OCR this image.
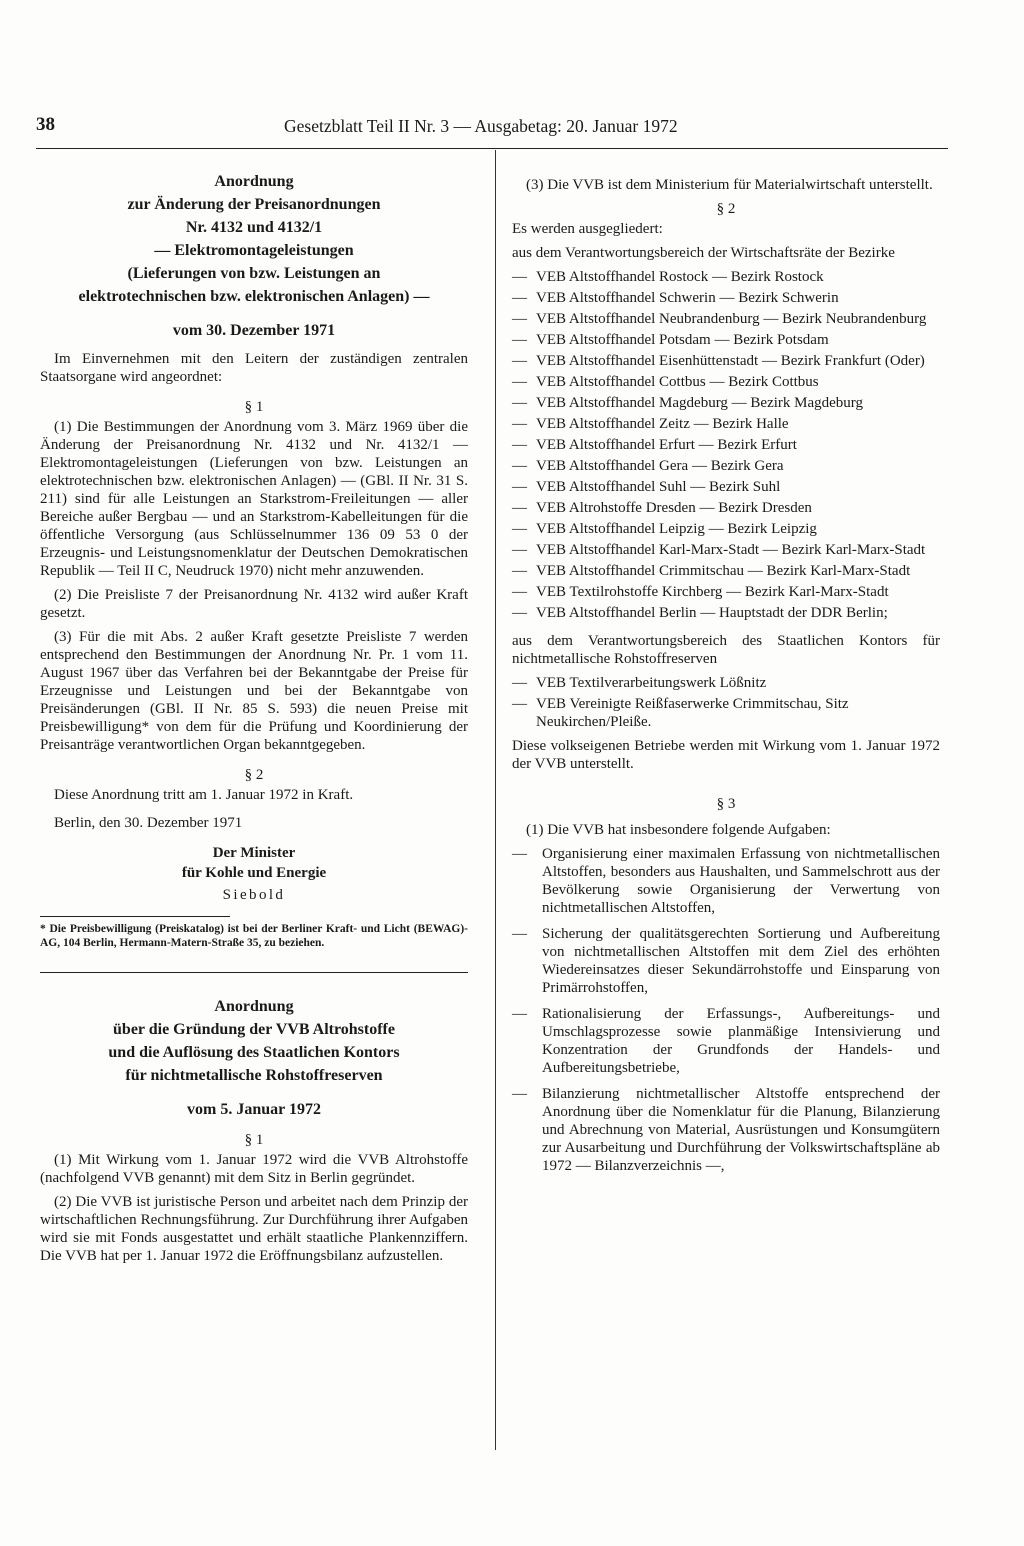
38	Gesetzblatt Teil II Nr. 3 — Ausgabetag: 20. Januar 1972

Anordnung

zur Änderung der Preisanordnungen

Nr. 4132 und 4132/1

— Elektromontageleistungen

(Lieferungen von bzw. Leistungen an

elektrotechnischen bzw. elektronischen Anlagen) —

vom 30. Dezember 1971

Im Einvernehmen mit den Leitern der zuständigen zentralen Staatsorgane wird angeordnet:

§ 1

(1) Die Bestimmungen der Anordnung vom 3. März 1969 über die Änderung der Preisanordnung Nr. 4132 und Nr. 4132/1 — Elektromontageleistungen (Lieferungen von bzw. Leistungen an elektrotechnischen bzw. elektronischen Anlagen) — (GBl. II Nr. 31 S. 211) sind für alle Leistungen an Starkstrom-Freileitungen — aller Bereiche außer Bergbau — und an Starkstrom-Kabelleitungen für die öffentliche Versorgung (aus Schlüsselnummer 136 09 53 0 der Erzeugnis- und Leistungsnomenklatur der Deutschen Demokratischen Republik — Teil II C, Neudruck 1970) nicht mehr anzuwenden.

(2) Die Preisliste 7 der Preisanordnung Nr. 4132 wird außer Kraft gesetzt.

(3) Für die mit Abs. 2 außer Kraft gesetzte Preisliste 7 werden entsprechend den Bestimmungen der Anordnung Nr. Pr. 1 vom 11. August 1967 über das Verfahren bei der Bekanntgabe der Preise für Erzeugnisse und Leistungen und bei der Bekanntgabe von Preisänderungen (GBl. II Nr. 85 S. 593) die neuen Preise mit Preisbewilligung* von dem für die Prüfung und Koordinierung der Preisanträge verantwortlichen Organ bekanntgegeben.

§ 2

Diese Anordnung tritt am 1. Januar 1972 in Kraft.

Berlin, den 30. Dezember 1971

Der Minister

für Kohle und Energie

Siebold

* Die Preisbewilligung (Preiskatalog) ist bei der Berliner Kraft- und Licht (BEWAG)-AG, 104 Berlin, Hermann-Matern-Straße 35, zu beziehen.

Anordnung

über die Gründung der VVB Altrohstoffe

und die Auflösung des Staatlichen Kontors

für nichtmetallische Rohstoffreserven

vom 5. Januar 1972

§ 1

(1) Mit Wirkung vom 1. Januar 1972 wird die VVB Altrohstoffe (nachfolgend VVB genannt) mit dem Sitz in Berlin gegründet.

(2) Die VVB ist juristische Person und arbeitet nach dem Prinzip der wirtschaftlichen Rechnungsführung. Zur Durchführung ihrer Aufgaben wird sie mit Fonds ausgestattet und erhält staatliche Plankennziffern. Die VVB hat per 1. Januar 1972 die Eröffnungsbilanz aufzustellen.

(3) Die VVB ist dem Ministerium für Materialwirtschaft unterstellt.

§ 2

Es werden ausgegliedert:

aus dem Verantwortungsbereich der Wirtschaftsräte der Bezirke

— VEB Altstoffhandel Rostock — Bezirk Rostock
— VEB Altstoffhandel Schwerin — Bezirk Schwerin
— VEB Altstoffhandel Neubrandenburg — Bezirk Neubrandenburg
— VEB Altstoffhandel Potsdam — Bezirk Potsdam
— VEB Altstoffhandel Eisenhüttenstadt — Bezirk Frankfurt (Oder)
— VEB Altstoffhandel Cottbus — Bezirk Cottbus
— VEB Altstoffhandel Magdeburg — Bezirk Magdeburg
— VEB Altstoffhandel Zeitz — Bezirk Halle
— VEB Altstoffhandel Erfurt — Bezirk Erfurt
— VEB Altstoffhandel Gera — Bezirk Gera
— VEB Altstoffhandel Suhl — Bezirk Suhl
— VEB Altrohstoffe Dresden — Bezirk Dresden
— VEB Altstoffhandel Leipzig — Bezirk Leipzig
— VEB Altstoffhandel Karl-Marx-Stadt — Bezirk Karl-Marx-Stadt
— VEB Altstoffhandel Crimmitschau — Bezirk Karl-Marx-Stadt
— VEB Textilrohstoffe Kirchberg — Bezirk Karl-Marx-Stadt
— VEB Altstoffhandel Berlin — Hauptstadt der DDR Berlin;

aus dem Verantwortungsbereich des Staatlichen Kontors für nichtmetallische Rohstoffreserven

— VEB Textilverarbeitungswerk Lößnitz
— VEB Vereinigte Reißfaserwerke Crimmitschau, Sitz Neukirchen/Pleiße.

Diese volkseigenen Betriebe werden mit Wirkung vom 1. Januar 1972 der VVB unterstellt.

§ 3

(1) Die VVB hat insbesondere folgende Aufgaben:

— Organisierung einer maximalen Erfassung von nichtmetallischen Altstoffen, besonders aus Haushalten, und Sammelschrott aus der Bevölkerung sowie Organisierung der Verwertung von nichtmetallischen Altstoffen,
— Sicherung der qualitätsgerechten Sortierung und Aufbereitung von nichtmetallischen Altstoffen mit dem Ziel des erhöhten Wiedereinsatzes dieser Sekundärrohstoffe und Einsparung von Primärrohstoffen,
— Rationalisierung der Erfassungs-, Aufbereitungs- und Umschlagsprozesse sowie planmäßige Intensivierung und Konzentration der Grundfonds der Handels- und Aufbereitungsbetriebe,
— Bilanzierung nichtmetallischer Altstoffe entsprechend der Anordnung über die Nomenklatur für die Planung, Bilanzierung und Abrechnung von Material, Ausrüstungen und Konsumgütern zur Ausarbeitung und Durchführung der Volkswirtschaftspläne ab 1972 — Bilanzverzeichnis —,
